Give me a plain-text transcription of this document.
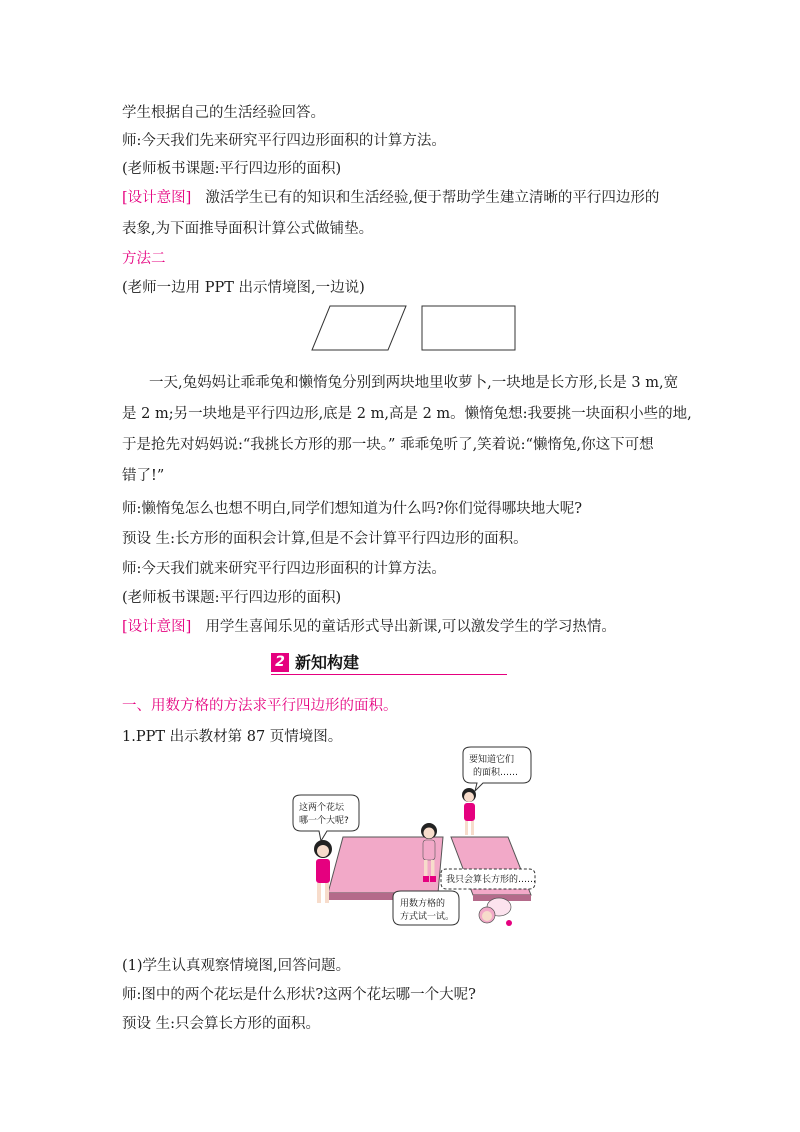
学生根据自己的生活经验回答。
师:今天我们先来研究平行四边形面积的计算方法。
(老师板书课题:平行四边形的面积)
[设计意图] 激活学生已有的知识和生活经验,便于帮助学生建立清晰的平行四边形的
表象,为下面推导面积计算公式做铺垫。
方法二
(老师一边用 PPT 出示情境图,一边说)
一天,兔妈妈让乖乖兔和懒惰兔分别到两块地里收萝卜,一块地是长方形,长是 3 m,宽
是 2 m;另一块地是平行四边形,底是 2 m,高是 2 m。懒惰兔想:我要挑一块面积小些的地,
于是抢先对妈妈说:“我挑长方形的那一块。” 乖乖兔听了,笑着说:“懒惰兔,你这下可想
错了!”
师:懒惰兔怎么也想不明白,同学们想知道为什么吗?你们觉得哪块地大呢?
预设 生:长方形的面积会计算,但是不会计算平行四边形的面积。
师:今天我们就来研究平行四边形面积的计算方法。
(老师板书课题:平行四边形的面积)
[设计意图] 用学生喜闻乐见的童话形式导出新课,可以激发学生的学习热情。
2 新知构建
一、用数方格的方法求平行四边形的面积。
1.PPT 出示教材第 87 页情境图。
要知道它们
的面积……
这两个花坛
哪一个大呢?
我只会算长方形的……
用数方格的
方式试一试。
(1)学生认真观察情境图,回答问题。
师:图中的两个花坛是什么形状?这两个花坛哪一个大呢?
预设 生:只会算长方形的面积。
